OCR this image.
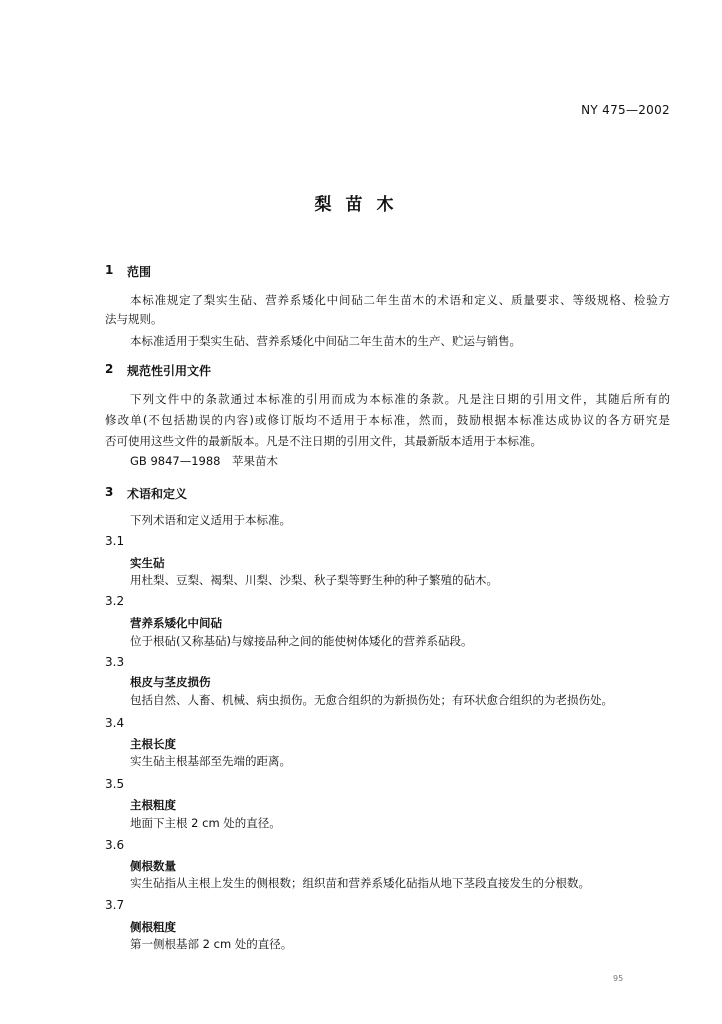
NY 475—2002
梨苗木
1 范围
本标准规定了梨实生砧、营养系矮化中间砧二年生苗木的术语和定义、质量要求、等级规格、检验方
法与规则。
本标准适用于梨实生砧、营养系矮化中间砧二年生苗木的生产、贮运与销售。
2 规范性引用文件
下列文件中的条款通过本标准的引用而成为本标准的条款。凡是注日期的引用文件，其随后所有的
修改单(不包括勘误的内容)或修订版均不适用于本标准，然而，鼓励根据本标准达成协议的各方研究是
否可使用这些文件的最新版本。凡是不注日期的引用文件，其最新版本适用于本标准。
GB 9847—1988　苹果苗木
3 术语和定义
下列术语和定义适用于本标准。
3.1
实生砧
用杜梨、豆梨、褐梨、川梨、沙梨、秋子梨等野生种的种子繁殖的砧木。
3.2
营养系矮化中间砧
位于根砧(又称基砧)与嫁接品种之间的能使树体矮化的营养系砧段。
3.3
根皮与茎皮损伤
包括自然、人畜、机械、病虫损伤。无愈合组织的为新损伤处；有环状愈合组织的为老损伤处。
3.4
主根长度
实生砧主根基部至先端的距离。
3.5
主根粗度
地面下主根 2 cm 处的直径。
3.6
侧根数量
实生砧指从主根上发生的侧根数；组织苗和营养系矮化砧指从地下茎段直接发生的分根数。
3.7
侧根粗度
第一侧根基部 2 cm 处的直径。
95
